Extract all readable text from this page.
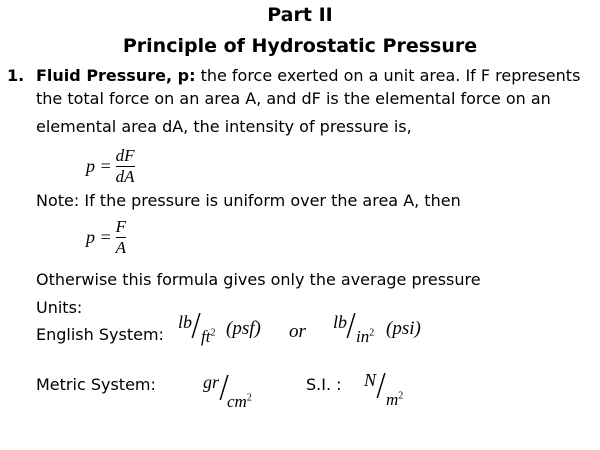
Part II
Principle of Hydrostatic Pressure
1. Fluid Pressure, p: the force exerted on a unit area. If F represents
the total force on an area A, and dF is the elemental force on an
elemental area dA, the intensity of pressure is,
$p = \frac{dF}{dA}$
Note: If the pressure is uniform over the area A, then
$p = \frac{F}{A}$
Otherwise this formula gives only the average pressure
Units:
English System:
lb
/ $ft^2$ (psf) or lb
/ $in^2$ (psi)
Metric System:	gr /
$cm^2$
S.I. : N / $m^2$
